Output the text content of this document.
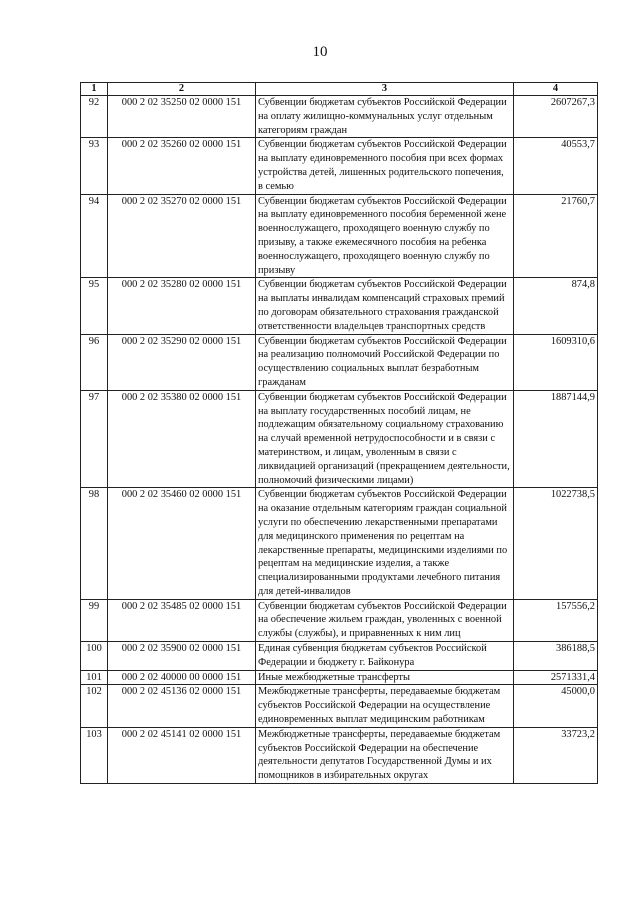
10
1	2	3	4
92	000 2 02 35250 02 0000 151	Субвенции бюджетам субъектов Российской Федерации на оплату жилищно-коммунальных услуг отдельным категориям граждан	2607267,3
93	000 2 02 35260 02 0000 151	Субвенции бюджетам субъектов Российской Федерации на выплату единовременного пособия при всех формах устройства детей, лишенных родительского попечения, в семью	40553,7
94	000 2 02 35270 02 0000 151	Субвенции бюджетам субъектов Российской Федерации на выплату единовременного пособия беременной жене военнослужащего, проходящего военную службу по призыву, а также ежемесячного пособия на ребенка военнослужащего, проходящего военную службу по призыву	21760,7
95	000 2 02 35280 02 0000 151	Субвенции бюджетам субъектов Российской Федерации на выплаты инвалидам компенсаций страховых премий по договорам обязательного страхования гражданской ответственности владельцев транспортных средств	874,8
96	000 2 02 35290 02 0000 151	Субвенции бюджетам субъектов Российской Федерации на реализацию полномочий Российской Федерации по осуществлению социальных выплат безработным гражданам	1609310,6
97	000 2 02 35380 02 0000 151	Субвенции бюджетам субъектов Российской Федерации на выплату государственных пособий лицам, не подлежащим обязательному социальному страхованию на случай временной нетрудоспособности и в связи с материнством, и лицам, уволенным в связи с ликвидацией организаций (прекращением деятельности, полномочий физическими лицами)	1887144,9
98	000 2 02 35460 02 0000 151	Субвенции бюджетам субъектов Российской Федерации на оказание отдельным категориям граждан социальной услуги по обеспечению лекарственными препаратами для медицинского применения по рецептам на лекарственные препараты, медицинскими изделиями по рецептам на медицинские изделия, а также специализированными продуктами лечебного питания для детей-инвалидов	1022738,5
99	000 2 02 35485 02 0000 151	Субвенции бюджетам субъектов Российской Федерации на обеспечение жильем граждан, уволенных с военной службы (службы), и приравненных к ним лиц	157556,2
100	000 2 02 35900 02 0000 151	Единая субвенция бюджетам субъектов Российской Федерации и бюджету г. Байконура	386188,5
101	000 2 02 40000 00 0000 151	Иные межбюджетные трансферты	2571331,4
102	000 2 02 45136 02 0000 151	Межбюджетные трансферты, передаваемые бюджетам субъектов Российской Федерации на осуществление единовременных выплат медицинским работникам	45000,0
103	000 2 02 45141 02 0000 151	Межбюджетные трансферты, передаваемые бюджетам субъектов Российской Федерации на обеспечение деятельности депутатов Государственной Думы и их помощников в избирательных округах	33723,2
